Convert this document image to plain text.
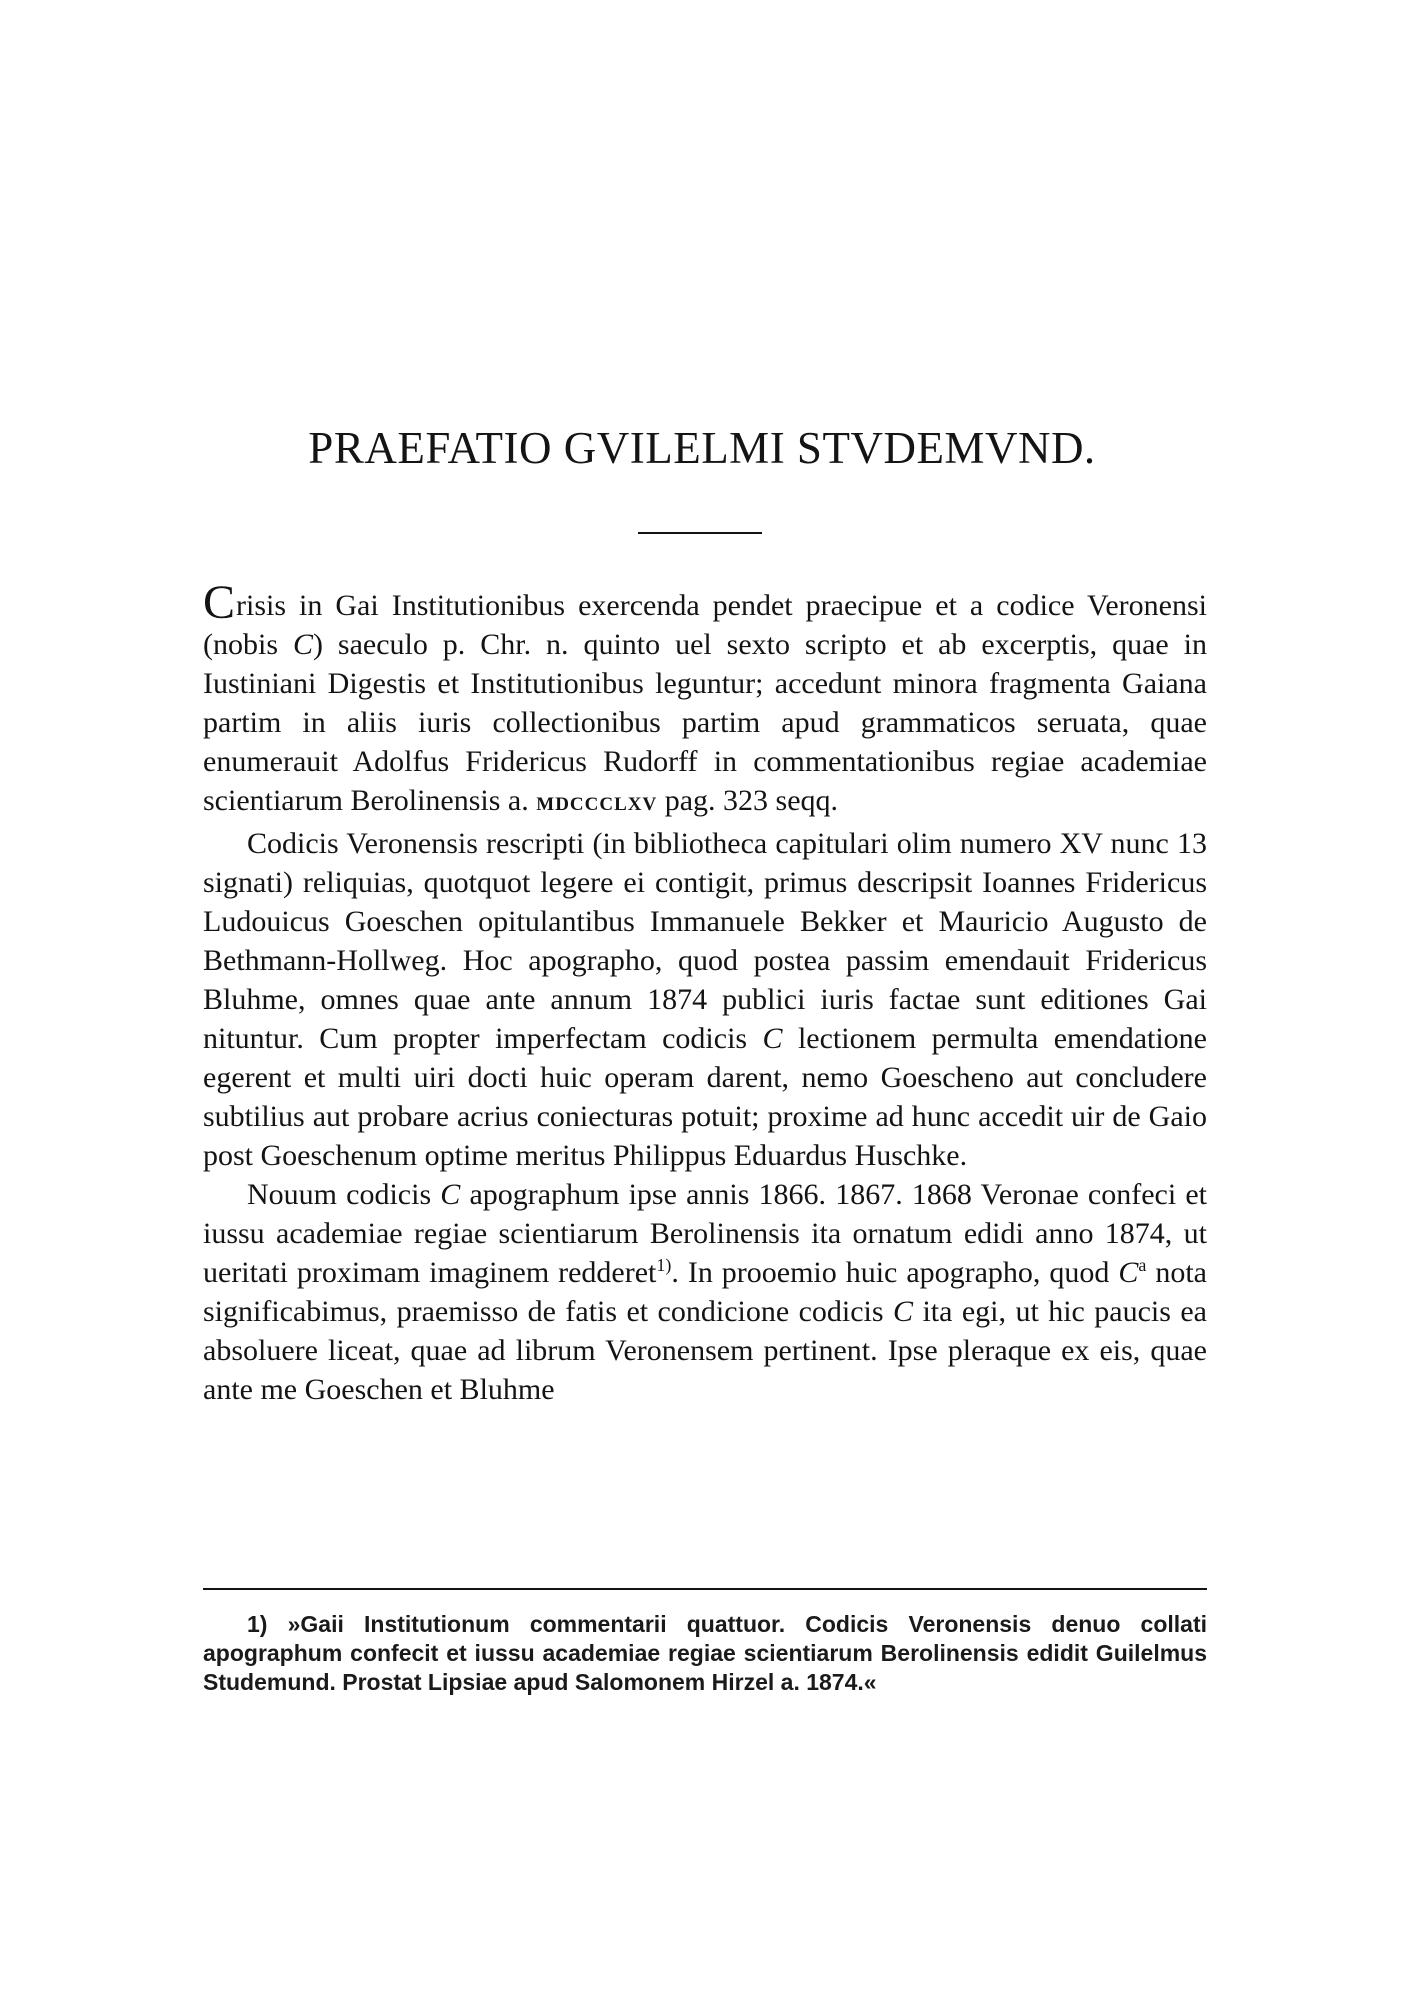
PRAEFATIO GVILELMI STVDEMVND.

Crisis in Gai Institutionibus exercenda pendet praecipue et a codice Veronensi (nobis C) saeculo p. Chr. n. quinto uel sexto scripto et ab excerptis, quae in Iustiniani Digestis et Institutionibus leguntur; accedunt minora fragmenta Gaiana partim in aliis iuris collectionibus partim apud grammaticos seruata, quae enumerauit Adolfus Fridericus Rudorff in commentationibus regiae academiae scientiarum Berolinensis a. MDCCCLXV pag. 323 seqq.

Codicis Veronensis rescripti (in bibliotheca capitulari olim numero XV nunc 13 signati) reliquias, quotquot legere ei contigit, primus descripsit Ioannes Fridericus Ludouicus Goeschen opitulantibus Immanuele Bekker et Mauricio Augusto de Bethmann-Hollweg. Hoc apographo, quod postea passim emendauit Fridericus Bluhme, omnes quae ante annum 1874 publici iuris factae sunt editiones Gai nituntur. Cum propter imperfectam codicis C lectionem permulta emendatione egerent et multi uiri docti huic operam darent, nemo Goescheno aut concludere subtilius aut probare acrius coniecturas potuit; proxime ad hunc accedit uir de Gaio post Goeschenum optime meritus Philippus Eduardus Huschke.

Nouum codicis C apographum ipse annis 1866. 1867. 1868 Veronae confeci et iussu academiae regiae scientiarum Berolinensis ita ornatum edidi anno 1874, ut ueritati proximam imaginem redderet$^{1)}$. In prooemio huic apographo, quod $C^a$ nota significabimus, praemisso de fatis et condicione codicis C ita egi, ut hic paucis ea absoluere liceat, quae ad librum Veronensem pertinent. Ipse pleraque ex eis, quae ante me Goeschen et Bluhme

1) »Gaii Institutionum commentarii quattuor. Codicis Veronensis denuo collati apographum confecit et iussu academiae regiae scientiarum Berolinensis edidit Guilelmus Studemund. Prostat Lipsiae apud Salomonem Hirzel a. 1874.«
